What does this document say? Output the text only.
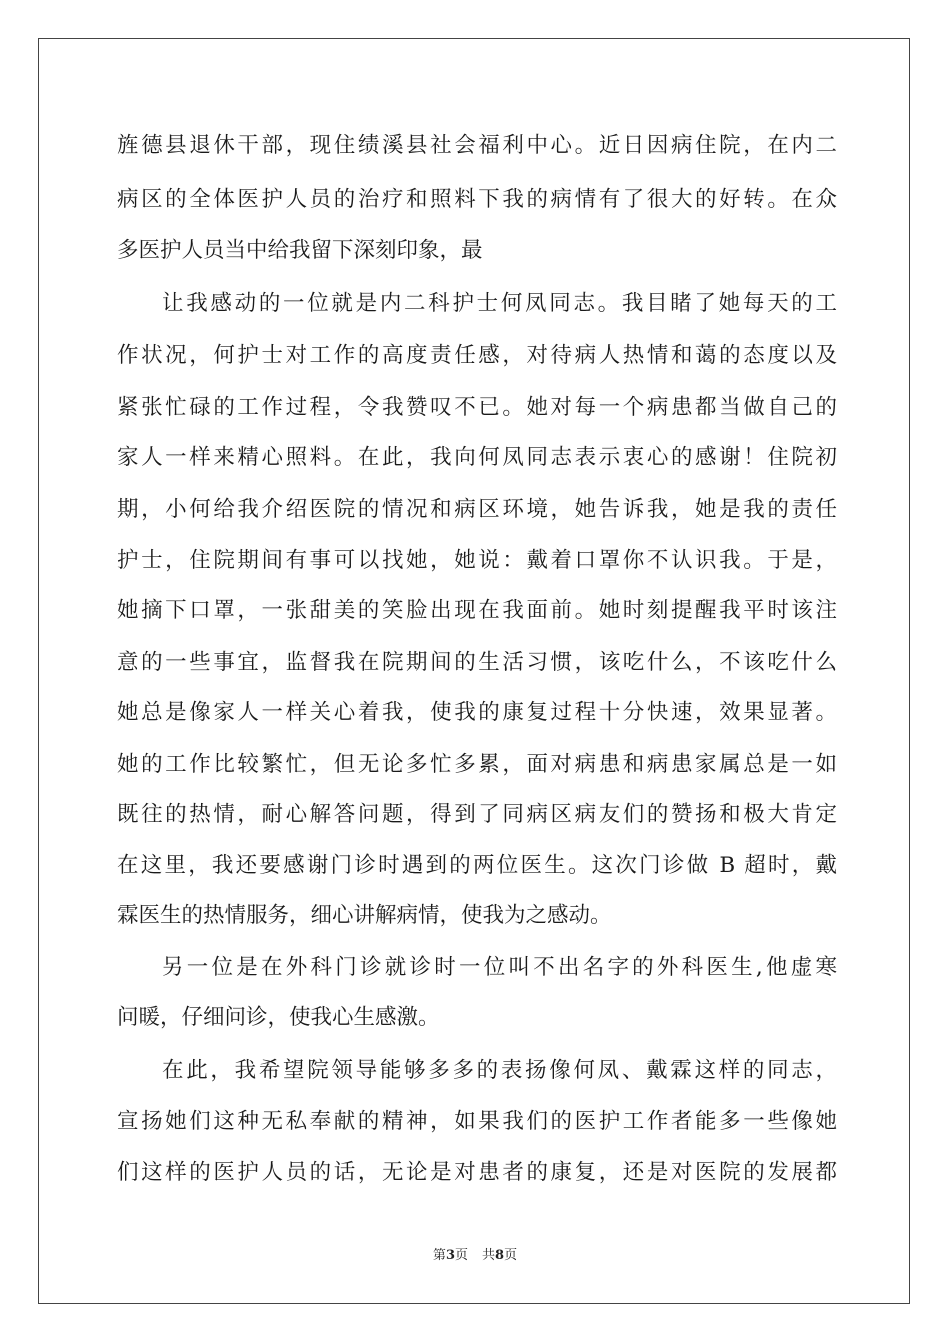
旌德县退休干部，现住绩溪县社会福利中心。近日因病住院，在内二
病区的全体医护人员的治疗和照料下我的病情有了很大的好转。在众
多医护人员当中给我留下深刻印象，最
让我感动的一位就是内二科护士何凤同志。我目睹了她每天的工
作状况，何护士对工作的高度责任感，对待病人热情和蔼的态度以及
紧张忙碌的工作过程，令我赞叹不已。她对每一个病患都当做自己的
家人一样来精心照料。在此，我向何凤同志表示衷心的感谢！住院初
期，小何给我介绍医院的情况和病区环境，她告诉我，她是我的责任
护士，住院期间有事可以找她，她说：戴着口罩你不认识我。于是，
她摘下口罩，一张甜美的笑脸出现在我面前。她时刻提醒我平时该注
意的一些事宜，监督我在院期间的生活习惯，该吃什么，不该吃什么
她总是像家人一样关心着我，使我的康复过程十分快速，效果显著。
她的工作比较繁忙，但无论多忙多累，面对病患和病患家属总是一如
既往的热情，耐心解答问题，得到了同病区病友们的赞扬和极大肯定
在这里，我还要感谢门诊时遇到的两位医生。这次门诊做 B 超时，戴
霖医生的热情服务，细心讲解病情，使我为之感动。
另一位是在外科门诊就诊时一位叫不出名字的外科医生,他虚寒
问暖，仔细问诊，使我心生感激。
在此，我希望院领导能够多多的表扬像何凤、戴霖这样的同志，
宣扬她们这种无私奉献的精神，如果我们的医护工作者能多一些像她
们这样的医护人员的话，无论是对患者的康复，还是对医院的发展都
第3页 共8页
